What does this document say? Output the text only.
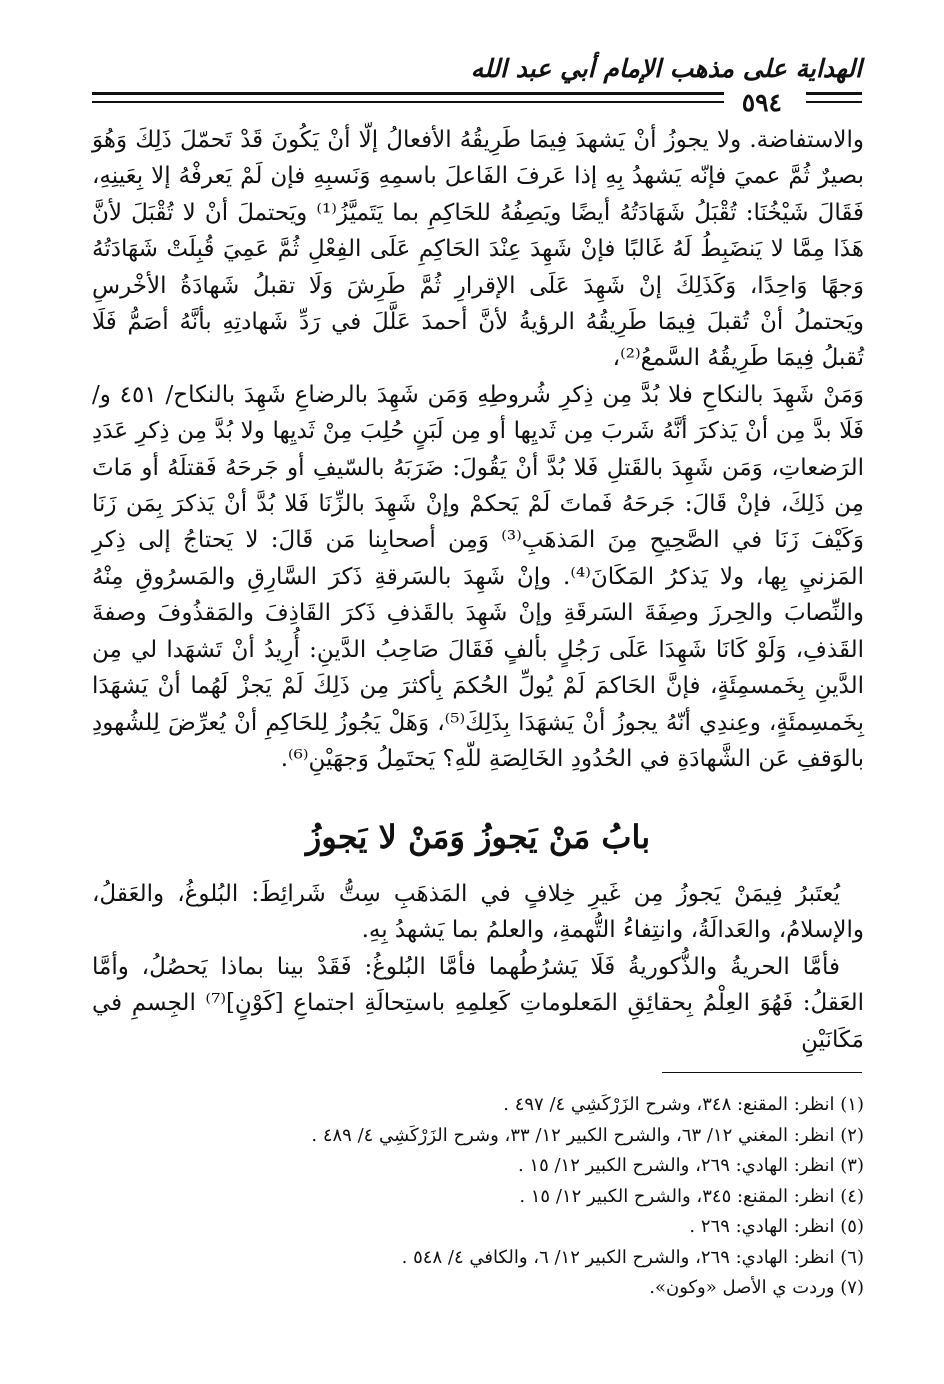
الهداية على مذهب الإمام أبي عبد الله
٥٩٤

والاستفاضة. ولا يجوزُ أنْ يَشهدَ فِيمَا طَرِيقُهُ الأفعالُ إلّا أنْ يَكُونَ قَدْ تَحمّلَ ذَلِكَ وَهُوَ بصيرٌ ثُمَّ عميَ فإنّه يَشهدُ بِهِ إذا عَرفَ الفَاعلَ باسمِهِ وَنَسبِهِ فإن لَمْ يَعرفْهُ إلا بِعَينِهِ، فَقَالَ شَيْخُنَا: تُقْبَلُ شَهَادَتُهُ أيضًا ويَصِفُهُ للحَاكِمِ بما يَتَميَّزُ⁽¹⁾ ويَحتملَ أنْ لا تُقْبَلَ لأنَّ هَذَا مِمَّا لا يَنضَبِطُ لَهُ غَالبًا فإنْ شَهِدَ عِنْدَ الحَاكِمِ عَلَى الفِعْلِ ثُمَّ عَمِيَ قُبِلَتْ شَهَادَتُهُ وَجهًا وَاحِدًا، وَكَذَلِكَ إنْ شَهِدَ عَلَى الإقرارِ ثُمَّ طَرِشَ وَلَا تقبلُ شَهادَةُ الأخْرسِ ويَحتملُ أنْ تُقبلَ فِيمَا طَرِيقُهُ الرؤيةُ لأنَّ أحمدَ عَلَّلَ في رَدِّ شَهادتِهِ بأنَّهُ أصَمُّ فَلَا تُقبلُ فِيمَا طَرِيقُهُ السَّمعُ⁽²⁾،

وَمَنْ شَهِدَ بالنكاحِ فلا بُدَّ مِن ذِكرِ شُروطِهِ وَمَن شَهِدَ بالرضاعِ شَهِدَ بالنكاح/ ٤٥١ و/ فَلَا بدَّ مِن أنْ يَذكرَ أنَّهُ شَربَ مِن ثَديِها أو مِن لَبَنٍ حُلِبَ مِنْ ثَديِها ولا بُدَّ مِن ذِكرِ عَدَدِ الرَضعاتِ، وَمَن شَهِدَ بالقَتلِ فَلا بُدَّ أنْ يَقُولَ: ضَرَبَهُ بالسّيفِ أو جَرحَهُ فَقتلَهُ أو مَاتَ مِن ذَلِكَ، فإنْ قَالَ: جَرحَهُ فَماتَ لَمْ يَحكمْ وإنْ شَهِدَ بالزِّنَا فَلا بُدَّ أنْ يَذكرَ بِمَن زَنَا وَكَيْفَ زَنَا في الصَّحِيحِ مِنَ المَذهَبِ⁽³⁾ وَمِن أصحابِنا مَن قَالَ: لا يَحتاجُ إلى ذِكرِ المَزنيِ بِها، ولا يَذكرُ المَكَانَ⁽⁴⁾. وإنْ شَهِدَ بالسَرقةِ ذَكرَ السَّارِقِ والمَسرُوقِ مِنْهُ والنِّصابَ والحِرزَ وصِفَةَ السَرقَةِ وإنْ شَهِدَ بالقَذفِ ذَكرَ القَاذِفَ والمَقذُوفَ وصفةَ القَذفِ، وَلَوْ كَانَا شَهِدَا عَلَى رَجُلٍ بألفٍ فَقَالَ صَاحِبُ الدَّينِ: أُرِيدُ أنْ تَشهَدا لي مِن الدَّينِ بِخَمسمِئَةٍ، فإنَّ الحَاكمَ لَمْ يُولِّ الحُكمَ بِأكثرَ مِن ذَلِكَ لَمْ يَجزْ لَهُما أنْ يَشهَدَا بِخَمسِمئَةٍ، وعِندِي أنّهُ يجوزُ أنْ يَشهَدَا بِذَلِكَ⁽⁵⁾، وَهَلْ يَجُوزُ لِلحَاكِمِ أنْ يُعرِّضَ لِلشُهودِ بالوَقفِ عَن الشَّهادَةِ في الحُدُودِ الخَالِصَةِ للّهِ؟ يَحتَمِلُ وَجهَيْنِ⁽⁶⁾.

بابُ مَنْ يَجوزُ وَمَنْ لا يَجوزُ

يُعتَبرُ فِيمَنْ يَجوزُ مِن غَيرِ خِلافٍ في المَذهَبِ سِتُّ شَرائِطَ: البُلوغُ، والعَقلُ، والإسلامُ، والعَدالَةُ، وانتِفاءُ التُّهمةِ، والعلمُ بما يَشهدُ بِهِ.

فأمَّا الحريةُ والذُّكوريةُ فَلَا يَشرُطُهما فأمَّا البُلوغُ: فَقَدْ بينا بماذا يَحصُلُ، وأمَّا العَقلُ: فَهُوَ العِلْمُ بِحقائِقِ المَعلوماتِ كَعِلمِهِ باستِحالَةِ اجتماعِ [كَوْنٍ]⁽⁷⁾ الجِسمِ في مَكَانَيْنِ

(١) انظر: المقنع: ٣٤٨، وشرح الزَرْكَشِي ٤/ ٤٩٧ .
(٢) انظر: المغني ١٢/ ٦٣، والشرح الكبير ١٢/ ٣٣، وشرح الزَرْكَشِي ٤/ ٤٨٩ .
(٣) انظر: الهادي: ٢٦٩، والشرح الكبير ١٢/ ١٥ .
(٤) انظر: المقنع: ٣٤٥، والشرح الكبير ١٢/ ١٥ .
(٥) انظر: الهادي: ٢٦٩ .
(٦) انظر: الهادي: ٢٦٩، والشرح الكبير ١٢/ ٦، والكافي ٤/ ٥٤٨ .
(٧) وردت ي الأصل «وكون».
